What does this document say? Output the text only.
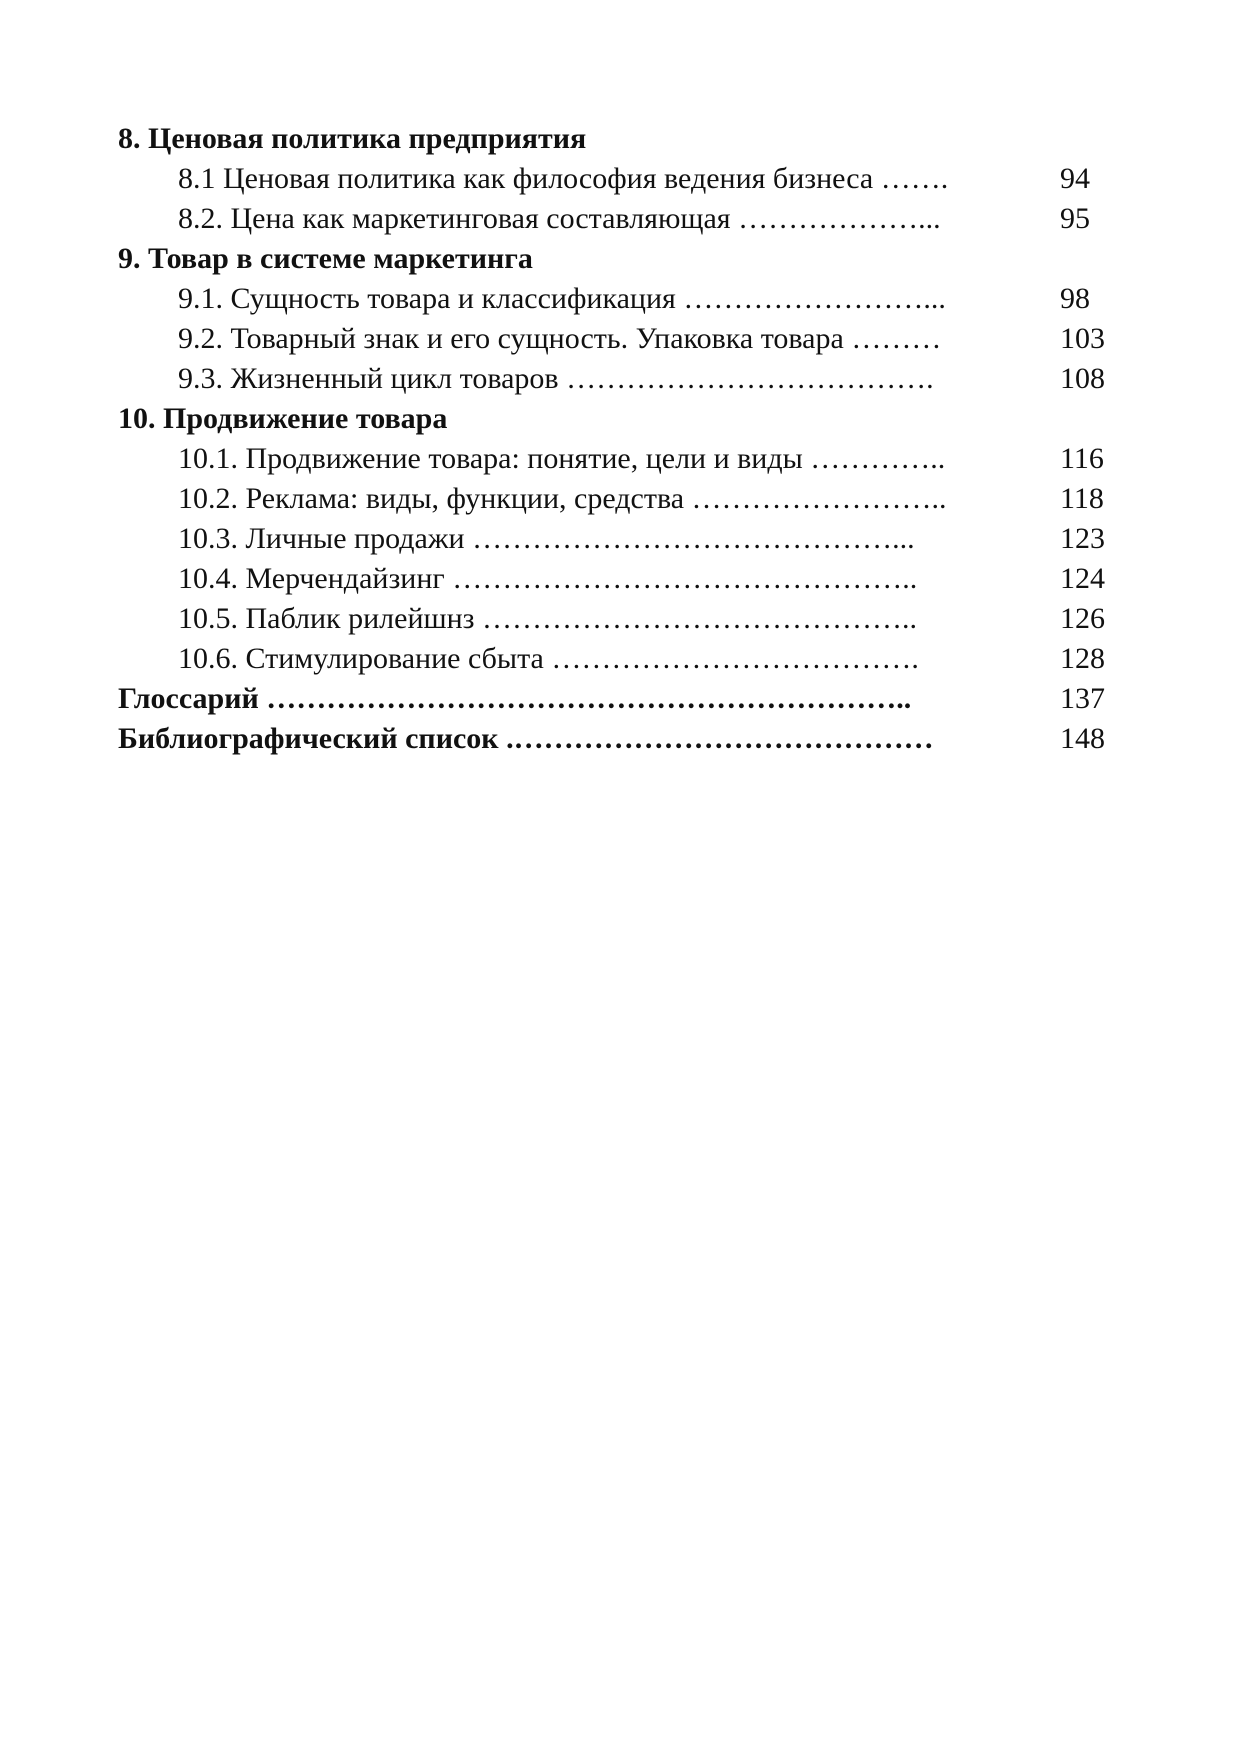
8. Ценовая политика предприятия
8.1 Ценовая политика как философия ведения бизнеса …….	94
8.2. Цена как маркетинговая составляющая ………………...	95
9. Товар в системе маркетинга
9.1. Сущность товара и классификация ……………………...	98
9.2. Товарный знак и его сущность. Упаковка товара ………	103
9.3. Жизненный цикл товаров ……………………………….	108
10. Продвижение товара
10.1. Продвижение товара: понятие, цели и виды …………..	116
10.2. Реклама: виды, функции, средства ……………………..	118
10.3. Личные продажи ……………………………………...	123
10.4. Мерчендайзинг ………………………………………..	124
10.5. Паблик рилейшнз ……………………………………..	126
10.6. Стимулирование сбыта ……………………………….	128
Глоссарий ………………………………………………………..	137
Библиографический список .……………………………………	148
